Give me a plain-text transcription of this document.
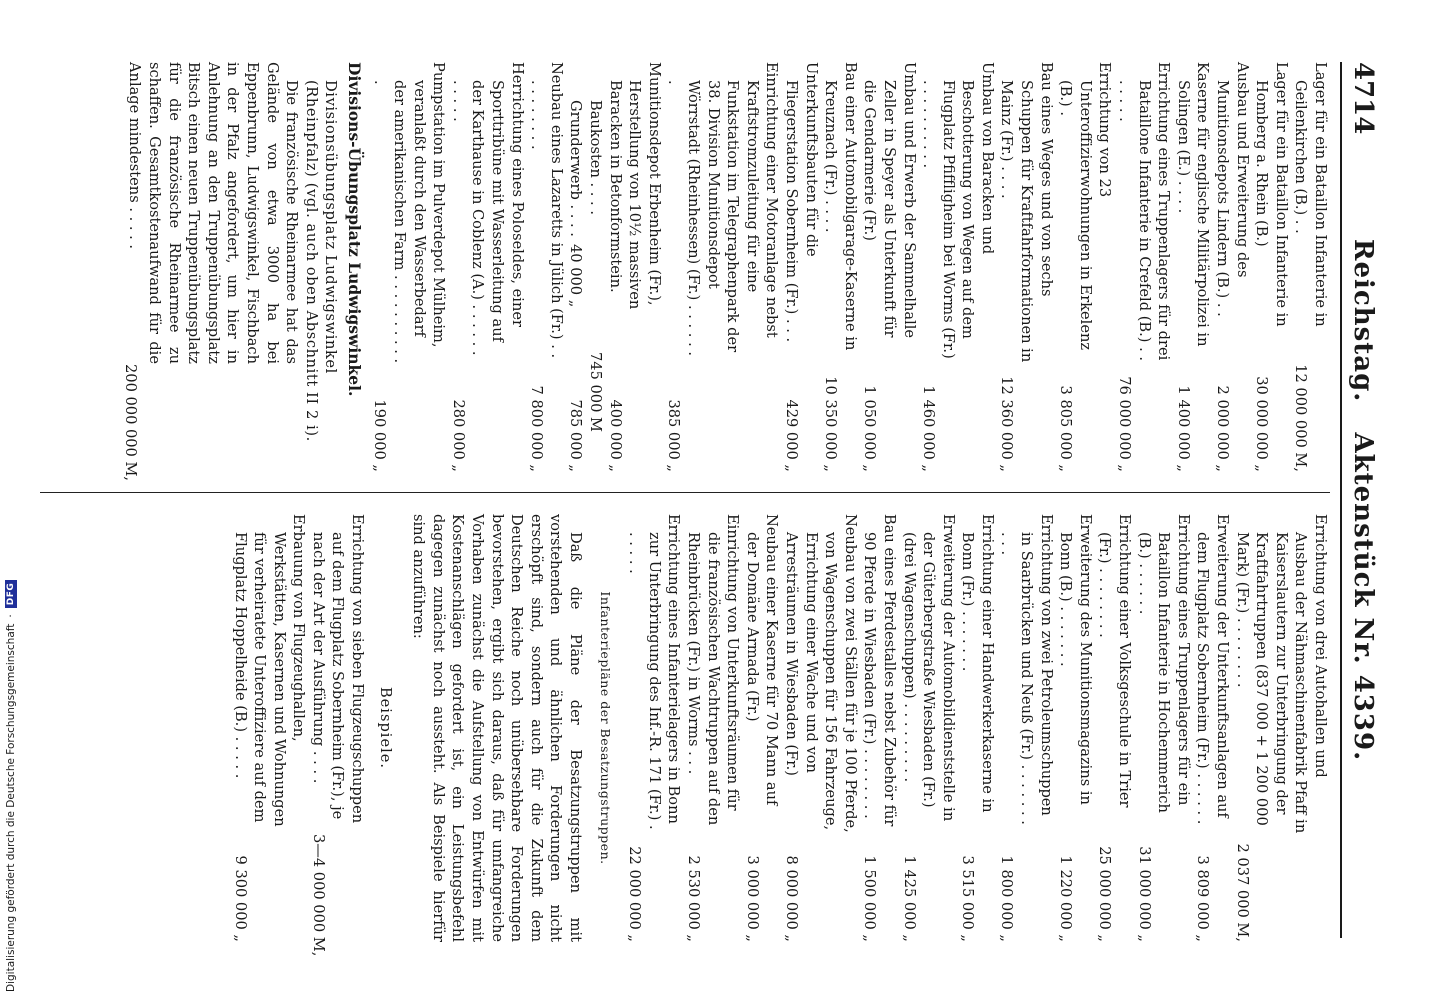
4714
Reichstag. Aktenstück Nr. 4339.
Lager für ein Bataillon Infanterie in Geilenkirchen (B.) . .
12 000 000 M,
Lager für ein Bataillon Infanterie in Homberg a. Rhein (B.)
30 000 000 „
Ausbau und Erweiterung des Munitionsdepots Lindern (B.) . .
2 000 000 „
Kaserne für englische Militärpolizei in Solingen (E.) . . . .
1 400 000 „
Errichtung eines Truppenlagers für drei Bataillone Infanterie in Crefeld (B.) . . . . . . .
76 000 000 „
Errichtung von 23 Unteroffizierwohnungen in Erkelenz (B.) .
3 805 000 „
Bau eines Weges und von sechs Schuppen für Kraftfahrformationen in Mainz (Fr.) . . . .
12 360 000 „
Umbau von Baracken und Beschotterung von Wegen auf dem Flugplatz Pfiffligheim bei Worms (Fr.) . . . . . . . . . .
1 460 000 „
Umbau und Erwerb der Sammelhalle Zeller in Speyer als Unterkunft für die Gendarmerie (Fr.)
1 050 000 „
Bau einer Automobilgarage-Kaserne in Kreuznach (Fr.) . . . .
10 350 000 „
Unterkunftsbauten für die Fliegerstation Sobernheim (Fr.) . . .
429 000 „
Einrichtung einer Motoranlage nebst Kraftstromzuleitung für eine Funkstation im Telegraphenpark der 38. Division Munitionsdepot Wörrstadt (Rheinhessen) (Fr.) . . . . . . .
385 000 „
Munitionsdepot Erbenheim (Fr.), Herstellung von 10½ massiven Baracken in Betonformstein.
400 000 „
Baukosten . . . .
745 000 M
Grunderwerb . . . .
40 000 „
785 000 „
Neubau eines Lazaretts in Jülich (Fr.) . . . . . . . . . .
7 800 000 „
Herrichtung eines Poloseldes, einer Sporttribüne mit Wasserleitung auf der Karthause in Coblenz (A.) . . . . . . . . . . .
280 000 „
Pumpstation im Pulverdepot Mülheim, veranlaßt durch den Wasserbedarf der amerikanischen Farm . . . . . . . . . . .
190 000 „
Divisions-Übungsplatz Ludwigswinkel.
Divisionsübungsplatz Ludwigswinkel (Rheinpfalz) (vgl. auch oben Abschnitt II 2 i).
Die französische Rheinarmee hat das Gelände von etwa 3000 ha bei Eppenbrunn, Ludwigswinkel, Fischbach in der Pfalz angefordert, um hier in Anlehnung an den Truppenübungsplatz Bitsch einen neuen Truppenübungsplatz für die französische Rheinarmee zu schaffen. Gesamtkostenaufwand für die Anlage mindestens . . . . .
200 000 000 M,
Errichtung von drei Autohallen und Ausbau der Nähmaschinenfabrik Pfaff in Kaiserslautern zur Unterbringung der Kraftfahrtruppen (837 000 + 1 200 000 Mark) (Fr.) . . . . . . . .
2 037 000 M,
Erweiterung der Unterkunftsanlagen auf dem Flugplatz Sobernheim (Fr.) . . . . . .
3 809 000 „
Errichtung eines Truppenlagers für ein Bataillon Infanterie in Hochemmerich (B.) . . . . . .
31 000 000 „
Errichtung einer Volksgeschule in Trier (Fr.) . . . . . . . .
25 000 000 „
Erweiterung des Munitionsmagazins in Bonn (B.) . . . . . . .
1 220 000 „
Errichtung von zwei Petroleumschuppen in Saarbrücken und Neuß (Fr.) . . . . . . . . . .
1 800 000 „
Errichtung einer Handwerkerkaserne in Bonn (Fr.) . . . . . . .
3 515 000 „
Erweiterung der Automobildienststelle in der Güterbergstraße Wiesbaden (Fr.) (drei Wagenschuppen) . . . . . . . . .
1 425 000 „
Bau eines Pferdestalles nebst Zubehör für 90 Pferde in Wiesbaden (Fr.) . . . . . . . .
1 500 000 „
Neubau von zwei Ställen für je 100 Pferde, von Wagenschuppen für 156 Fahrzeuge, Errichtung einer Wache und von Arresträumen in Wiesbaden (Fr.)
8 000 000 „
Neubau einer Kaserne für 70 Mann auf der Domäne Armada (Fr.)
3 000 000 „
Einrichtung von Unterkunftsräumen für die französischen Wachtruppen auf den Rheinbrücken (Fr.) in Worms . . .
2 530 000 „
Errichtung eines Infanterielagers in Bonn zur Unterbringung des Inf.-R. 171 (Fr.) . . . . . .
22 000 000 „
Infanteriepläne der Besatzungstruppen.
Daß die Pläne der Besatzungstruppen mit vorstehenden und ähnlichen Forderungen nicht erschöpft sind, sondern auch für die Zukunft dem Deutschen Reiche noch unübersehbare Forderungen bevorstehen, ergibt sich daraus, daß für umfangreiche Vorhaben zunächst die Aufstellung von Entwürfen mit Kostenanschlägen gefordert ist, ein Leistungsbefehl dagegen zunächst noch aussteht. Als Beispiele hierfür sind anzuführen:
Beispiele.
Errichtung von sieben Flugzeugschuppen auf dem Flugplatz Sobernheim (Fr.), je nach der Art der Ausführung . . . .
3—4 000 000 M,
Erbauung von Flugzeughallen, Werkstätten, Kasernen und Wohnungen für verheiratete Unteroffiziere auf dem Flugplatz Hoppelheide (B.) . . . . .
9 300 000 „
Digitalisierung gefördert durch die Deutsche Forschungsgemeinschaft
·
DFG
